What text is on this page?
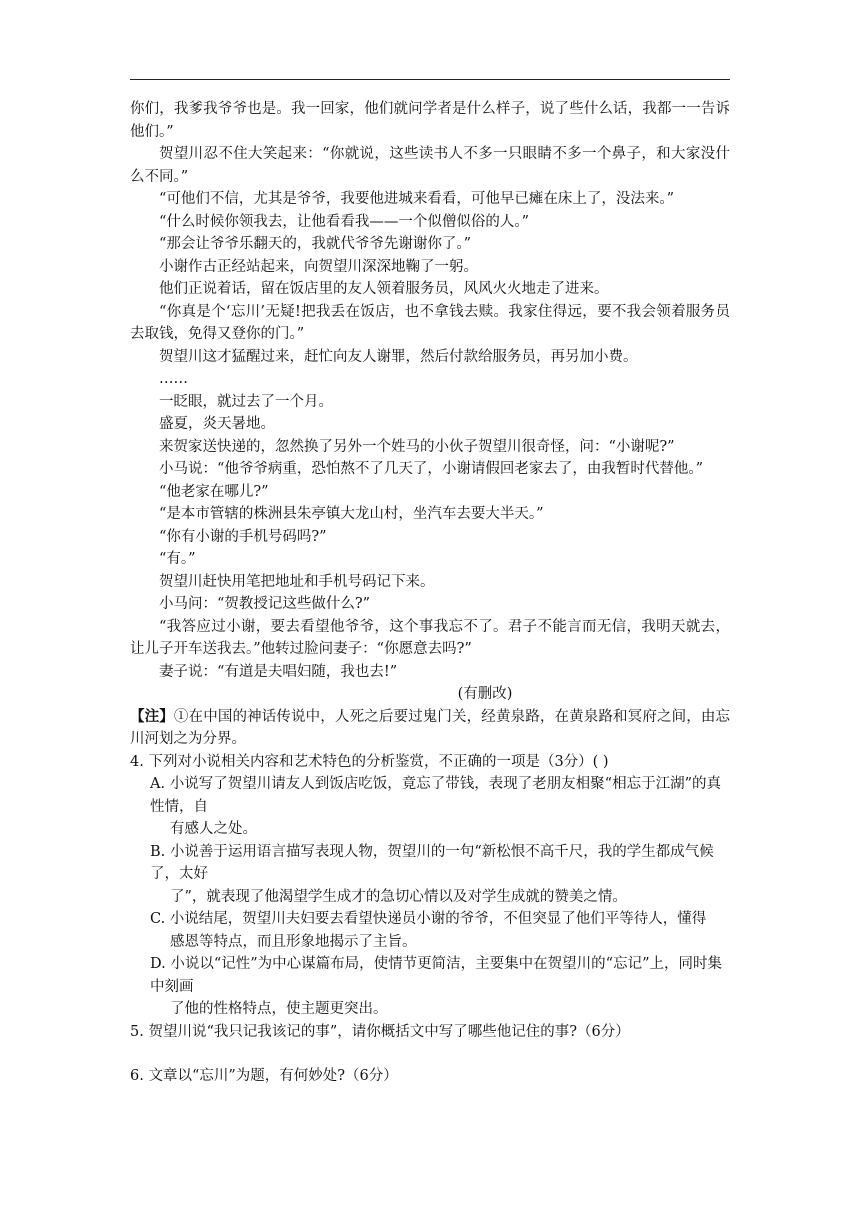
你们，我爹我爷爷也是。我一回家，他们就问学者是什么样子，说了些什么话，我都一一告诉他们。”

贺望川忍不住大笑起来：“你就说，这些读书人不多一只眼睛不多一个鼻子，和大家没什么不同。”

“可他们不信，尤其是爷爷，我要他进城来看看，可他早已瘫在床上了，没法来。”

“什么时候你领我去，让他看看我——一个似僧似俗的人。”

“那会让爷爷乐翻天的，我就代爷爷先谢谢你了。”

小谢作古正经站起来，向贺望川深深地鞠了一躬。

他们正说着话，留在饭店里的友人领着服务员，风风火火地走了进来。

“你真是个‘忘川’无疑!把我丢在饭店，也不拿钱去赎。我家住得远，要不我会领着服务员去取钱，免得又登你的门。”

贺望川这才猛醒过来，赶忙向友人谢罪，然后付款给服务员，再另加小费。

……

一眨眼，就过去了一个月。

盛夏，炎天暑地。

来贺家送快递的，忽然换了另外一个姓马的小伙子贺望川很奇怪，问：“小谢呢?”

小马说：“他爷爷病重，恐怕熬不了几天了，小谢请假回老家去了，由我暂时代替他。”

“他老家在哪儿?”

“是本市管辖的株洲县朱亭镇大龙山村，坐汽车去要大半天。”

“你有小谢的手机号码吗?”

“有。”

贺望川赶快用笔把地址和手机号码记下来。

小马问：“贺教授记这些做什么?”

“我答应过小谢，要去看望他爷爷，这个事我忘不了。君子不能言而无信，我明天就去，让儿子开车送我去。”他转过脸问妻子：“你愿意去吗?”

妻子说：“有道是夫唱妇随，我也去!”

(有删改)

【注】①在中国的神话传说中，人死之后要过鬼门关，经黄泉路，在黄泉路和冥府之间，由忘川河划之为分界。

4. 下列对小说相关内容和艺术特色的分析鉴赏，不正确的一项是（3分）( )

A. 小说写了贺望川请友人到饭店吃饭，竟忘了带钱，表现了老朋友相聚“相忘于江湖”的真性情，自

有感人之处。

B. 小说善于运用语言描写表现人物，贺望川的一句“新松恨不高千尺，我的学生都成气候了，太好

了”，就表现了他渴望学生成才的急切心情以及对学生成就的赞美之情。

C. 小说结尾，贺望川夫妇要去看望快递员小谢的爷爷，不但突显了他们平等待人，懂得

感恩等特点，而且形象地揭示了主旨。

D. 小说以“记性”为中心谋篇布局，使情节更简洁，主要集中在贺望川的“忘记”上，同时集中刻画

了他的性格特点，使主题更突出。

5. 贺望川说“我只记我该记的事”，请你概括文中写了哪些他记住的事?（6分）

6. 文章以“忘川”为题，有何妙处?（6分）
